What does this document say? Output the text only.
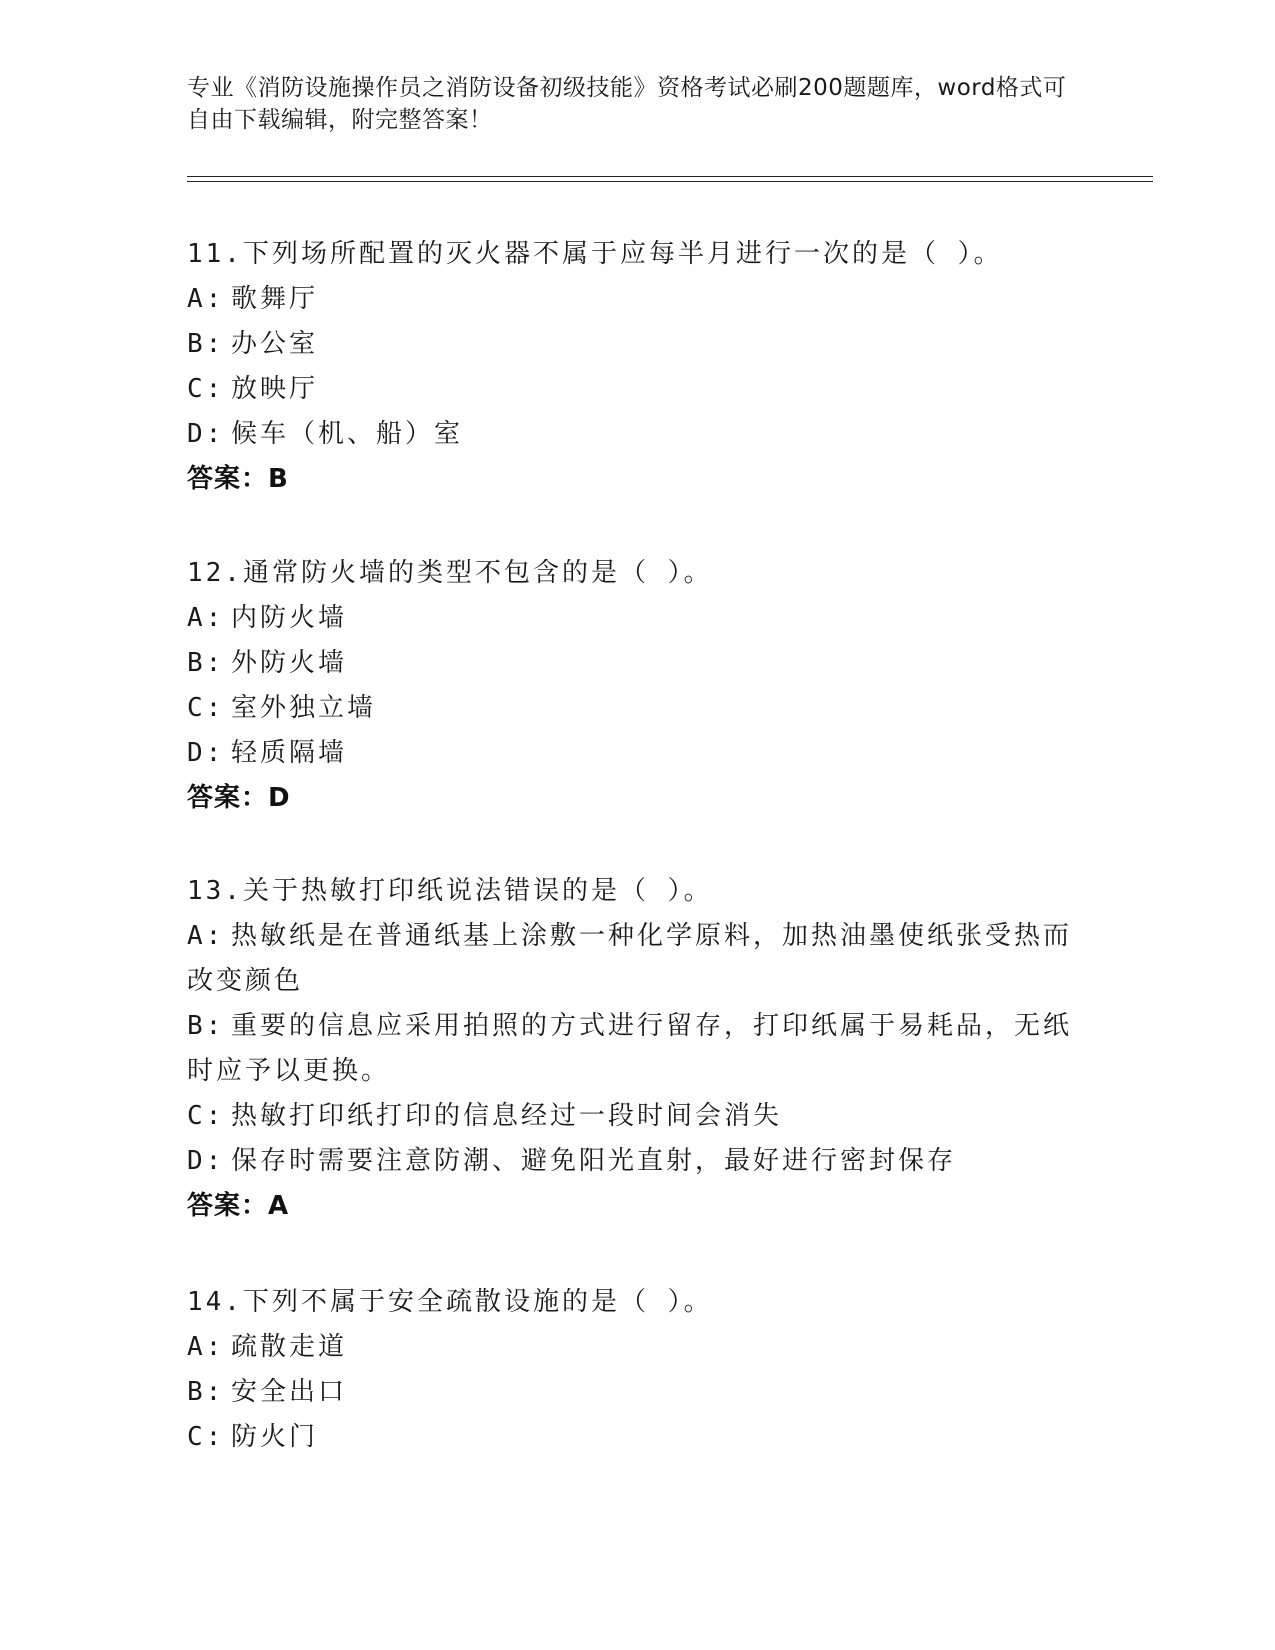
专业《消防设施操作员之消防设备初级技能》资格考试必刷200题题库，word格式可自由下载编辑，附完整答案！
11.下列场所配置的灭火器不属于应每半月进行一次的是（ ）。
A: 歌舞厅
B: 办公室
C: 放映厅
D: 候车（机、船）室
答案：B
12.通常防火墙的类型不包含的是（ ）。
A: 内防火墙
B: 外防火墙
C: 室外独立墙
D: 轻质隔墙
答案：D
13.关于热敏打印纸说法错误的是（ ）。
A: 热敏纸是在普通纸基上涂敷一种化学原料，加热油墨使纸张受热而改变颜色
B: 重要的信息应采用拍照的方式进行留存，打印纸属于易耗品，无纸时应予以更换。
C: 热敏打印纸打印的信息经过一段时间会消失
D: 保存时需要注意防潮、避免阳光直射，最好进行密封保存
答案：A
14.下列不属于安全疏散设施的是（ ）。
A: 疏散走道
B: 安全出口
C: 防火门
